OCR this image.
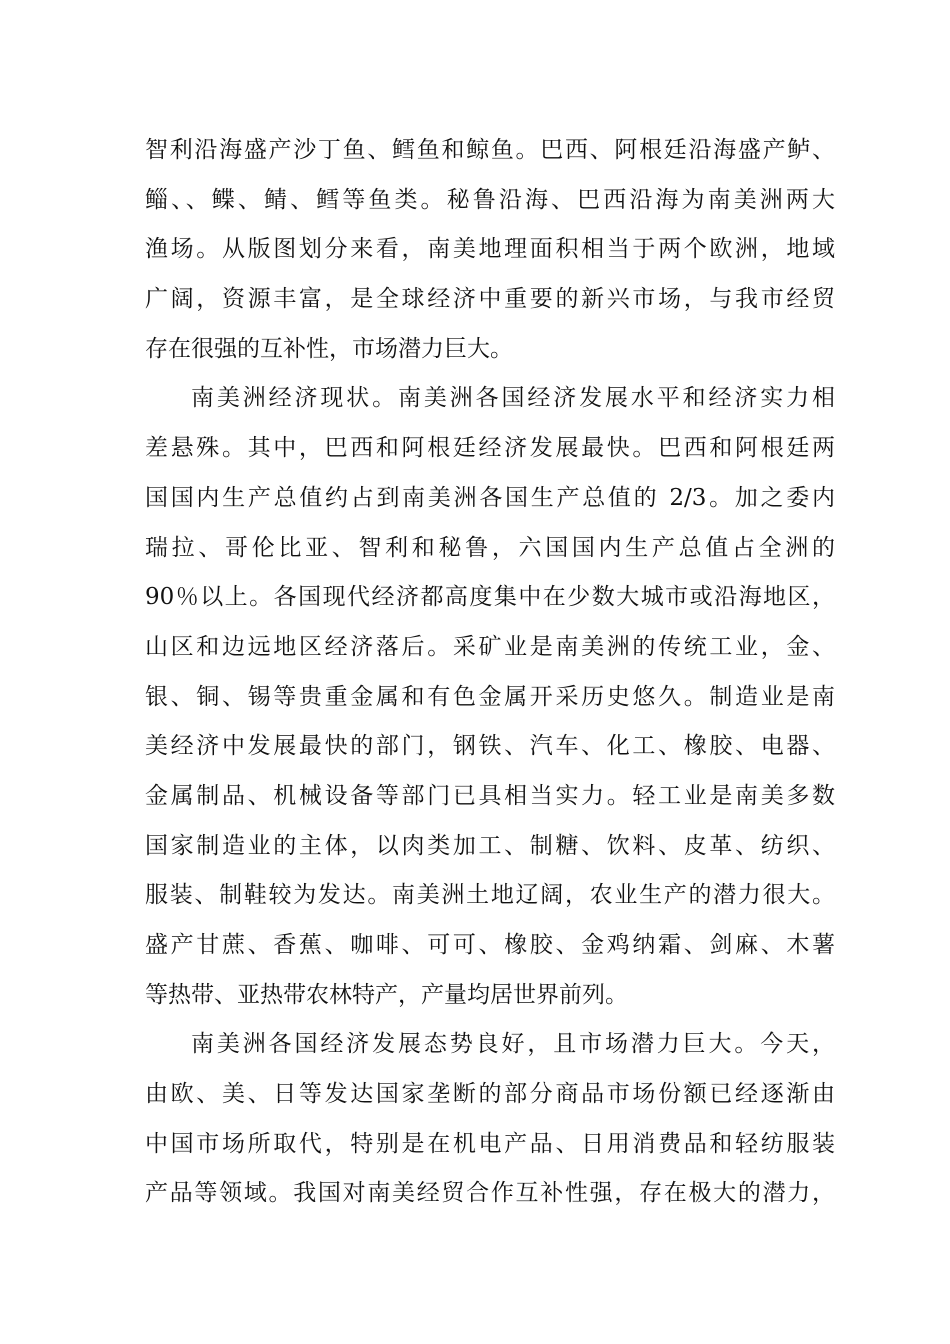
智利沿海盛产沙丁鱼、鳕鱼和鲸鱼。巴西、阿根廷沿海盛产鲈、
鲻、、鲽、鲭、鳕等鱼类。秘鲁沿海、巴西沿海为南美洲两大
渔场。从版图划分来看，南美地理面积相当于两个欧洲，地域
广阔，资源丰富，是全球经济中重要的新兴市场，与我市经贸
存在很强的互补性，市场潜力巨大。
南美洲经济现状。南美洲各国经济发展水平和经济实力相
差悬殊。其中，巴西和阿根廷经济发展最快。巴西和阿根廷两
国国内生产总值约占到南美洲各国生产总值的 2/3。加之委内
瑞拉、哥伦比亚、智利和秘鲁，六国国内生产总值占全洲的
90％以上。各国现代经济都高度集中在少数大城市或沿海地区，
山区和边远地区经济落后。采矿业是南美洲的传统工业，金、
银、铜、锡等贵重金属和有色金属开采历史悠久。制造业是南
美经济中发展最快的部门，钢铁、汽车、化工、橡胶、电器、
金属制品、机械设备等部门已具相当实力。轻工业是南美多数
国家制造业的主体，以肉类加工、制糖、饮料、皮革、纺织、
服装、制鞋较为发达。南美洲土地辽阔，农业生产的潜力很大。
盛产甘蔗、香蕉、咖啡、可可、橡胶、金鸡纳霜、剑麻、木薯
等热带、亚热带农林特产，产量均居世界前列。
南美洲各国经济发展态势良好，且市场潜力巨大。今天，
由欧、美、日等发达国家垄断的部分商品市场份额已经逐渐由
中国市场所取代，特别是在机电产品、日用消费品和轻纺服装
产品等领域。我国对南美经贸合作互补性强，存在极大的潜力，
